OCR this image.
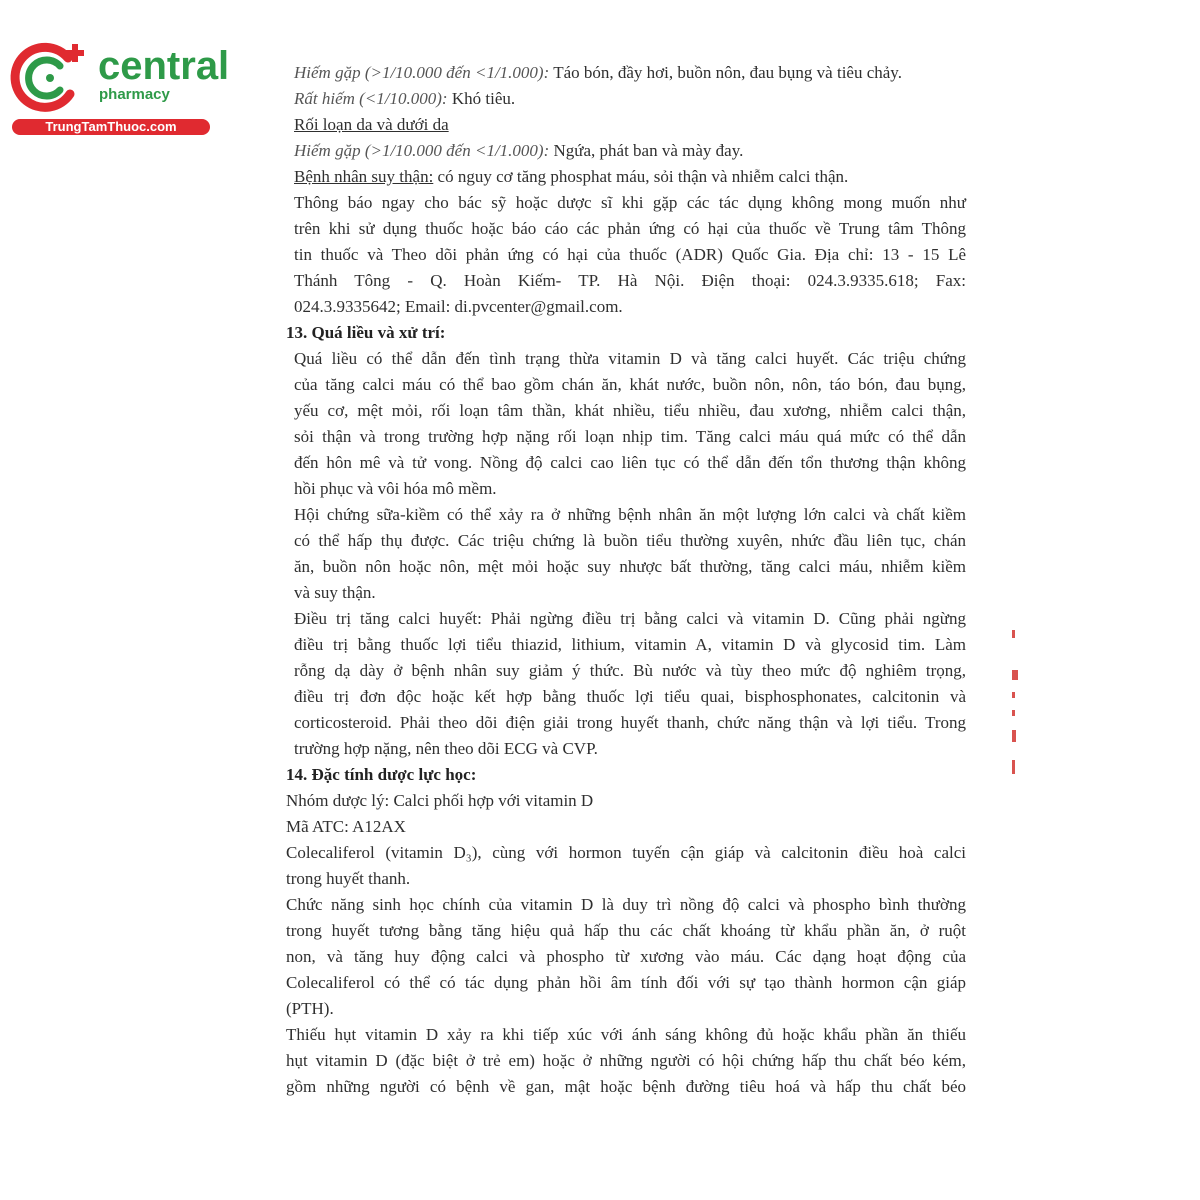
central
pharmacy
TrungTamThuoc.com
Hiếm gặp (>1/10.000 đến <1/1.000): Táo bón, đầy hơi, buồn nôn, đau bụng và tiêu chảy.
Rất hiếm (<1/10.000): Khó tiêu.
Rối loạn da và dưới da
Hiếm gặp (>1/10.000 đến <1/1.000): Ngứa, phát ban và mày đay.
Bệnh nhân suy thận: có nguy cơ tăng phosphat máu, sỏi thận và nhiễm calci thận.
Thông báo ngay cho bác sỹ hoặc dược sĩ khi gặp các tác dụng không mong muốn như
trên khi sử dụng thuốc hoặc báo cáo các phản ứng có hại của thuốc về Trung tâm Thông
tin thuốc và Theo dõi phản ứng có hại của thuốc (ADR) Quốc Gia. Địa chỉ: 13 - 15 Lê
Thánh Tông - Q. Hoàn Kiếm- TP. Hà Nội. Điện thoại: 024.3.9335.618; Fax:
024.3.9335642; Email: di.pvcenter@gmail.com.
13. Quá liều và xử trí:
Quá liều có thể dẫn đến tình trạng thừa vitamin D và tăng calci huyết. Các triệu chứng
của tăng calci máu có thể bao gồm chán ăn, khát nước, buồn nôn, nôn, táo bón, đau bụng,
yếu cơ, mệt mỏi, rối loạn tâm thần, khát nhiều, tiểu nhiều, đau xương, nhiễm calci thận,
sỏi thận và trong trường hợp nặng rối loạn nhịp tim. Tăng calci máu quá mức có thể dẫn
đến hôn mê và tử vong. Nồng độ calci cao liên tục có thể dẫn đến tổn thương thận không
hồi phục và vôi hóa mô mềm.
Hội chứng sữa-kiềm có thể xảy ra ở những bệnh nhân ăn một lượng lớn calci và chất kiềm
có thể hấp thụ được. Các triệu chứng là buồn tiểu thường xuyên, nhức đầu liên tục, chán
ăn, buồn nôn hoặc nôn, mệt mỏi hoặc suy nhược bất thường, tăng calci máu, nhiễm kiềm
và suy thận.
Điều trị tăng calci huyết: Phải ngừng điều trị bằng calci và vitamin D. Cũng phải ngừng
điều trị bằng thuốc lợi tiểu thiazid, lithium, vitamin A, vitamin D và glycosid tim. Làm
rỗng dạ dày ở bệnh nhân suy giảm ý thức. Bù nước và tùy theo mức độ nghiêm trọng,
điều trị đơn độc hoặc kết hợp bằng thuốc lợi tiểu quai, bisphosphonates, calcitonin và
corticosteroid. Phải theo dõi điện giải trong huyết thanh, chức năng thận và lợi tiểu. Trong
trường hợp nặng, nên theo dõi ECG và CVP.
14. Đặc tính dược lực học:
Nhóm dược lý: Calci phối hợp với vitamin D
Mã ATC: A12AX
Colecaliferol (vitamin D₃), cùng với hormon tuyến cận giáp và calcitonin điều hoà calci
trong huyết thanh.
Chức năng sinh học chính của vitamin D là duy trì nồng độ calci và phospho bình thường
trong huyết tương bằng tăng hiệu quả hấp thu các chất khoáng từ khẩu phần ăn, ở ruột
non, và tăng huy động calci và phospho từ xương vào máu. Các dạng hoạt động của
Colecaliferol có thể có tác dụng phản hồi âm tính đối với sự tạo thành hormon cận giáp
(PTH).
Thiếu hụt vitamin D xảy ra khi tiếp xúc với ánh sáng không đủ hoặc khẩu phần ăn thiếu
hụt vitamin D (đặc biệt ở trẻ em) hoặc ở những người có hội chứng hấp thu chất béo kém,
gồm những người có bệnh về gan, mật hoặc bệnh đường tiêu hoá và hấp thu chất béo
